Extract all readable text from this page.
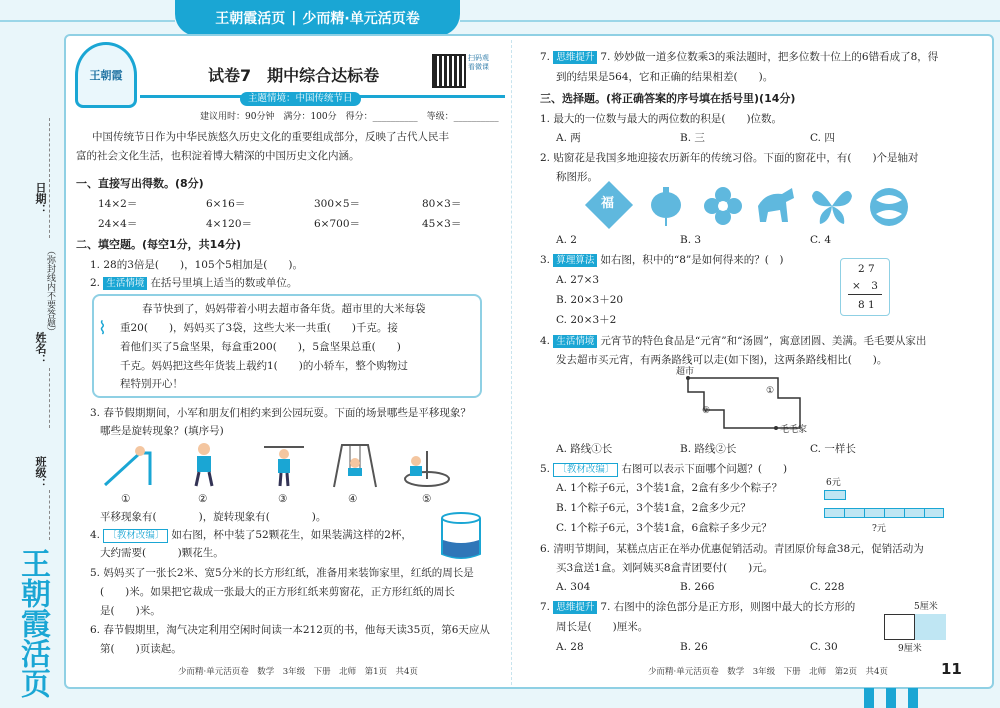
王朝霞活页 | 少而精·单元活页卷
日期：
（弥封线内不要答题）
姓名：
班级：
王朝霞活页
王朝霞	试卷7　期中综合达标卷
扫码观看微课
主题情境：中国传统节日
建议用时：90分钟　满分：100分　得分：__________　等级：__________
中国传统节日作为中华民族悠久历史文化的重要组成部分，反映了古代人民丰
富的社会文化生活，也积淀着博大精深的中国历史文化内涵。
一、直接写出得数。(8分)
14×2＝	6×16＝	300×5＝	80×3＝
24×4＝	4×120＝	6×700＝	45×3＝
二、填空题。(每空1分，共14分)
1. 28的3倍是(　　)，105个5相加是(　　)。
2. 生活情境 在括号里填上适当的数或单位。
⌇
春节快到了，妈妈带着小明去超市备年货。超市里的大米每袋
重20(　　)，妈妈买了3袋，这些大米一共重(　　)千克。接
着他们买了5盒坚果，每盒重200(　　)，5盒坚果总重(　　)
千克。妈妈把这些年货装上载约1(　　)的小轿车，整个购物过
程特别开心！
3. 春节假期期间，小军和朋友们相约来到公园玩耍。下面的场景哪些是平移现象？
哪些是旋转现象？(填序号)
①	②	③	④	⑤
平移现象有(　　　　)，旋转现象有(　　　　)。
4. 〔教材改编〕 如右图，杯中装了52颗花生，如果装满这样的2杯，
大约需要(　　　)颗花生。
5. 妈妈买了一张长2米、宽5分米的长方形红纸，准备用来装饰家里，红纸的周长是
(　　)米。如果把它裁成一张最大的正方形红纸来剪窗花，正方形红纸的周长
是(　　)米。
6. 春节假期里，淘气决定利用空闲时间读一本212页的书，他每天读35页，第6天应从
第(　　)页读起。
少而精·单元活页卷　数学　3年级　下册　北师　第1页　共4页
7. 思维提升 7. 妙妙做一道多位数乘3的乘法题时，把多位数十位上的6错看成了8，得
到的结果是564，它和正确的结果相差(　　)。
三、选择题。(将正确答案的序号填在括号里)(14分)
1. 最大的一位数与最大的两位数的积是(　　)位数。
A. 两	B. 三	C. 四
2. 贴窗花是我国多地迎接农历新年的传统习俗。下面的窗花中，有(　　)个是轴对
称图形。
福
A. 2	B. 3	C. 4
3. 算理算法 如右图，积中的“8”是如何得来的？(　)
A. 27×3
B. 20×3＋20
C. 20×3＋2
2 7
×　3
8 1
4. 生活情境 元宵节的特色食品是“元宵”和“汤圆”，寓意团圆、美满。毛毛要从家出
发去超市买元宵，有两条路线可以走(如下图)，这两条路线相比(　　)。
超市
毛毛家
①
②
A. 路线①长	B. 路线②长	C. 一样长
5. 〔教材改编〕 右图可以表示下面哪个问题？(　　)
A. 1个粽子6元，3个装1盒，2盒有多少个粽子？
B. 1个粽子6元，3个装1盒，2盒多少元？
C. 1个粽子6元，3个装1盒，6盒粽子多少元？
6元
?元
6. 清明节期间，某糕点店正在举办优惠促销活动。青团原价每盒38元，促销活动为
买3盒送1盒。刘阿姨买8盒青团要付(　　)元。
A. 304	B. 266	C. 228
7. 思维提升 7. 右图中的涂色部分是正方形，则图中最大的长方形的
周长是(　　)厘米。
A. 28	B. 26	C. 30
5厘米
9厘米
少而精·单元活页卷　数学　3年级　下册　北师　第2页　共4页	11
